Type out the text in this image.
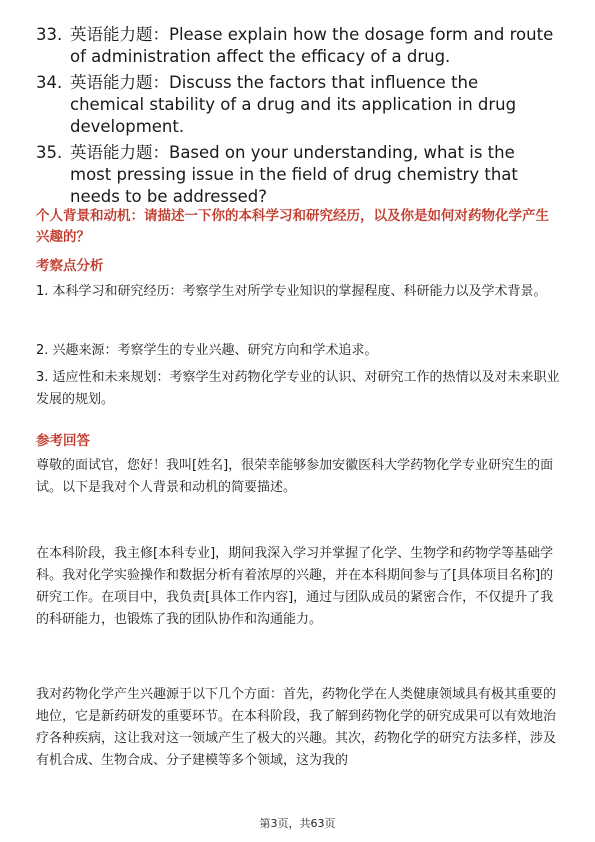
33. 英语能力题：Please explain how the dosage form and route of administration affect the efficacy of a drug.
34. 英语能力题：Discuss the factors that influence the chemical stability of a drug and its application in drug development.
35. 英语能力题：Based on your understanding, what is the most pressing issue in the field of drug chemistry that needs to be addressed?
个人背景和动机：请描述一下你的本科学习和研究经历，以及你是如何对药物化学产生兴趣的？
考察点分析
1. 本科学习和研究经历：考察学生对所学专业知识的掌握程度、科研能力以及学术背景。
2. 兴趣来源：考察学生的专业兴趣、研究方向和学术追求。
3. 适应性和未来规划：考察学生对药物化学专业的认识、对研究工作的热情以及对未来职业发展的规划。
参考回答
尊敬的面试官，您好！我叫[姓名]，很荣幸能够参加安徽医科大学药物化学专业研究生的面试。以下是我对个人背景和动机的简要描述。
在本科阶段，我主修[本科专业]，期间我深入学习并掌握了化学、生物学和药物学等基础学科。我对化学实验操作和数据分析有着浓厚的兴趣，并在本科期间参与了[具体项目名称]的研究工作。在项目中，我负责[具体工作内容]，通过与团队成员的紧密合作，不仅提升了我的科研能力，也锻炼了我的团队协作和沟通能力。
我对药物化学产生兴趣源于以下几个方面：首先，药物化学在人类健康领域具有极其重要的地位，它是新药研发的重要环节。在本科阶段，我了解到药物化学的研究成果可以有效地治疗各种疾病，这让我对这一领域产生了极大的兴趣。其次，药物化学的研究方法多样，涉及有机合成、生物合成、分子建模等多个领域，这为我的
第3页，共63页
